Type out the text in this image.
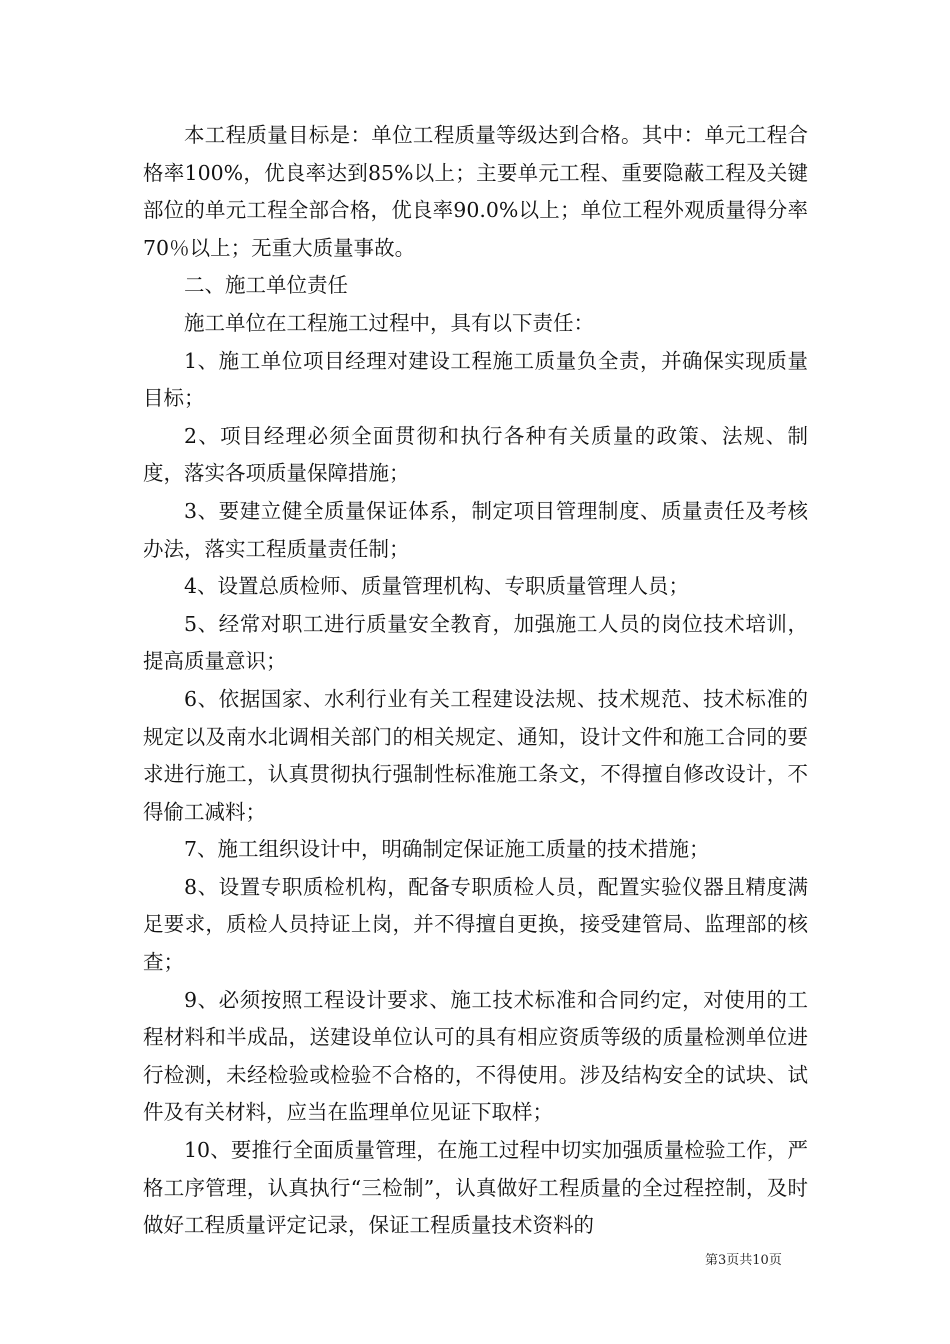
本工程质量目标是：单位工程质量等级达到合格。其中：单元工程合格率100%，优良率达到85%以上；主要单元工程、重要隐蔽工程及关键部位的单元工程全部合格，优良率90.0%以上；单位工程外观质量得分率70％以上；无重大质量事故。

二、施工单位责任

施工单位在工程施工过程中，具有以下责任：

1、施工单位项目经理对建设工程施工质量负全责，并确保实现质量目标；

2、项目经理必须全面贯彻和执行各种有关质量的政策、法规、制度，落实各项质量保障措施；

3、要建立健全质量保证体系，制定项目管理制度、质量责任及考核办法，落实工程质量责任制；

4、设置总质检师、质量管理机构、专职质量管理人员；

5、经常对职工进行质量安全教育，加强施工人员的岗位技术培训，提高质量意识；

6、依据国家、水利行业有关工程建设法规、技术规范、技术标准的规定以及南水北调相关部门的相关规定、通知，设计文件和施工合同的要求进行施工，认真贯彻执行强制性标准施工条文，不得擅自修改设计，不得偷工减料；

7、施工组织设计中，明确制定保证施工质量的技术措施；

8、设置专职质检机构，配备专职质检人员，配置实验仪器且精度满足要求，质检人员持证上岗，并不得擅自更换，接受建管局、监理部的核查；

9、必须按照工程设计要求、施工技术标准和合同约定，对使用的工程材料和半成品，送建设单位认可的具有相应资质等级的质量检测单位进行检测，未经检验或检验不合格的，不得使用。涉及结构安全的试块、试件及有关材料，应当在监理单位见证下取样；

10、要推行全面质量管理，在施工过程中切实加强质量检验工作，严格工序管理，认真执行“三检制”，认真做好工程质量的全过程控制，及时做好工程质量评定记录，保证工程质量技术资料的

第3页共10页
